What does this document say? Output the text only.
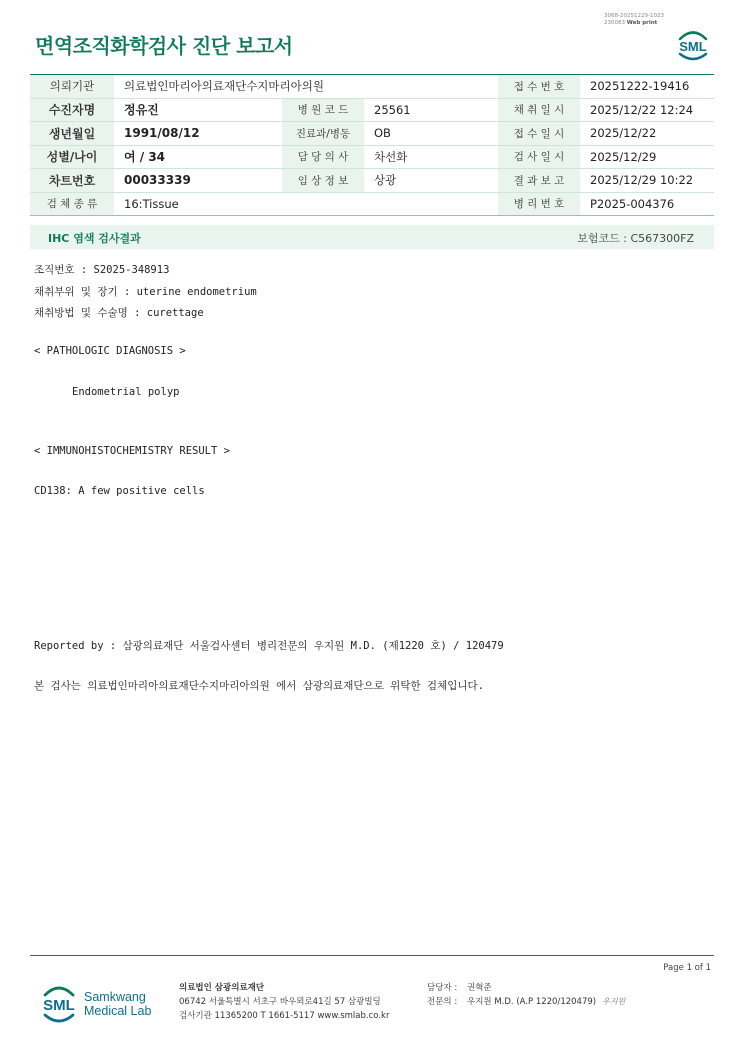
3068-20251229-1023
230083 Web print
면역조직화학검사 진단 보고서	SML
의뢰기관	의료법인마리아의료재단수지마리아의원			접 수 번 호	20251222-19416
수진자명	정유진	병 원 코 드	25561	채 취 일 시	2025/12/22 12:24
생년월일	1991/08/12	진료과/병동	OB	접 수 일 시	2025/12/22
성별/나이	여 / 34	담 당 의 사	차선화	검 사 일 시	2025/12/29
차트번호	00033339	임 상 정 보	상광	결 과 보 고	2025/12/29 10:22
검 체 종 류	16:Tissue			병 리 번 호	P2025-004376
IHC 염색 검사결과	보험코드 : C567300FZ
조직번호 : S2025-348913
채취부위 및 장기 : uterine endometrium
채취방법 및 수술명 : curettage
< PATHOLOGIC DIAGNOSIS >
Endometrial polyp
< IMMUNOHISTOCHEMISTRY RESULT >
CD138: A few positive cells
Reported by : 삼광의료재단 서울검사센터 병리전문의 우지원 M.D. (제1220 호) / 120479
본 검사는 의료법인마리아의료재단수지마리아의원 에서 삼광의료재단으로 위탁한 검체입니다.
Page 1 of 1
SML Samkwang
Medical Lab
의료법인 삼광의료재단
06742 서울특별시 서초구 바우뫼로41길 57 삼광빌딩
검사기관 11365200 T 1661-5117 www.smlab.co.kr
담당자 : 권혁준
전문의 : 우지원 M.D. (A.P 1220/120479) 우지원
